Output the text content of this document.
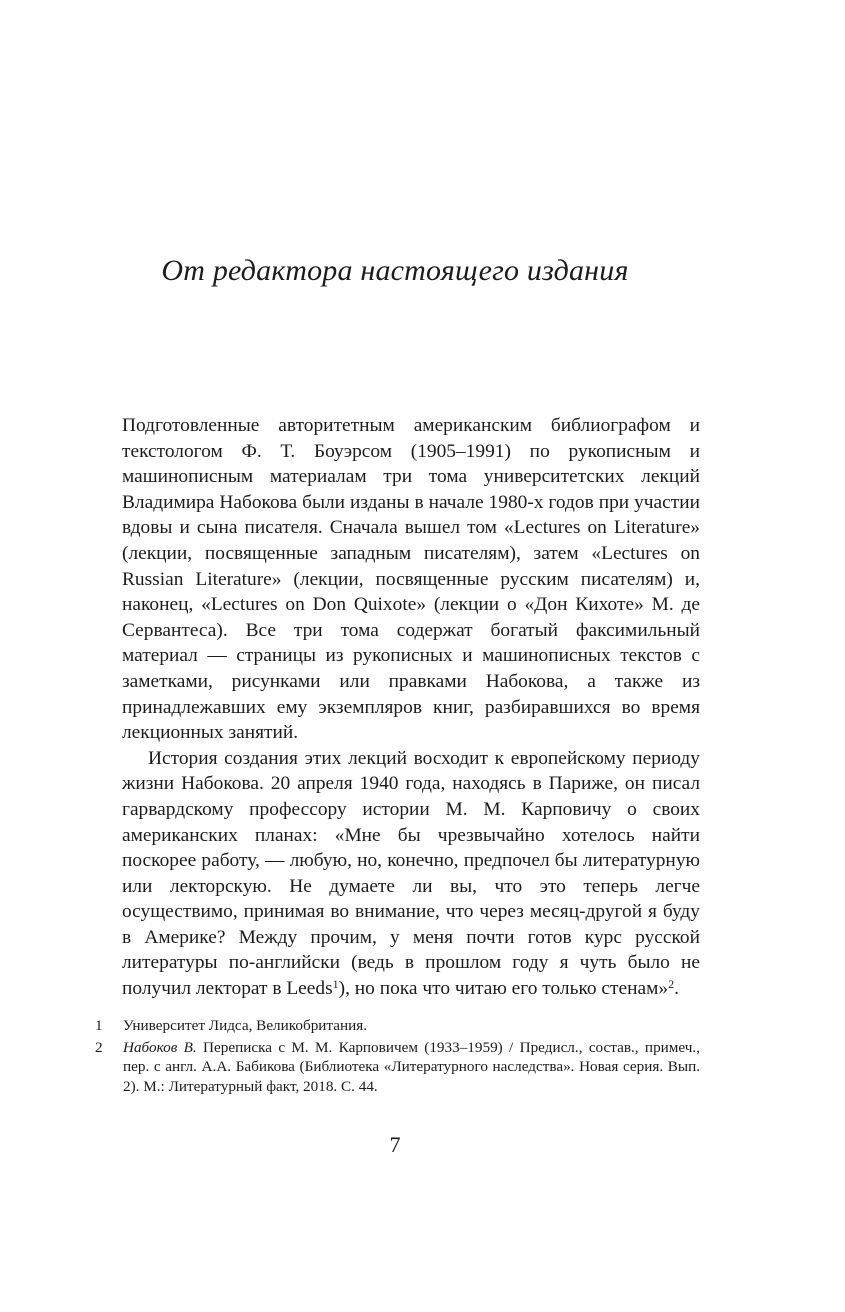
От редактора настоящего издания

Подготовленные авторитетным американским библиографом и текстологом Ф. Т. Боуэрсом (1905–1991) по рукописным и машинописным материалам три тома университетских лекций Владимира Набокова были изданы в начале 1980-х годов при участии вдовы и сына писателя. Сначала вышел том «Lectures on Literature» (лекции, посвященные западным писателям), затем «Lectures on Russian Literature» (лекции, посвященные русским писателям) и, наконец, «Lectures on Don Quixote» (лекции о «Дон Кихоте» М. де Сервантеса). Все три тома содержат богатый факсимильный материал — страницы из рукописных и машинописных текстов с заметками, рисунками или правками Набокова, а также из принадлежавших ему экземпляров книг, разбиравшихся во время лекционных занятий.

История создания этих лекций восходит к европейскому периоду жизни Набокова. 20 апреля 1940 года, находясь в Париже, он писал гарвардскому профессору истории М. М. Карповичу о своих американских планах: «Мне бы чрезвычайно хотелось найти поскорее работу, — любую, но, конечно, предпочел бы литературную или лекторскую. Не думаете ли вы, что это теперь легче осуществимо, принимая во внимание, что через месяц-другой я буду в Америке? Между прочим, у меня почти готов курс русской литературы по-английски (ведь в прошлом году я чуть было не получил лекторат в Leeds$^1$), но пока что читаю его только стенам»$^2$.

1 Университет Лидса, Великобритания.

2 Набоков В. Переписка с М. М. Карповичем (1933–1959) / Предисл., состав., примеч., пер. с англ. А.А. Бабикова (Библиотека «Литературного наследства». Новая серия. Вып. 2). М.: Литературный факт, 2018. С. 44.

7
